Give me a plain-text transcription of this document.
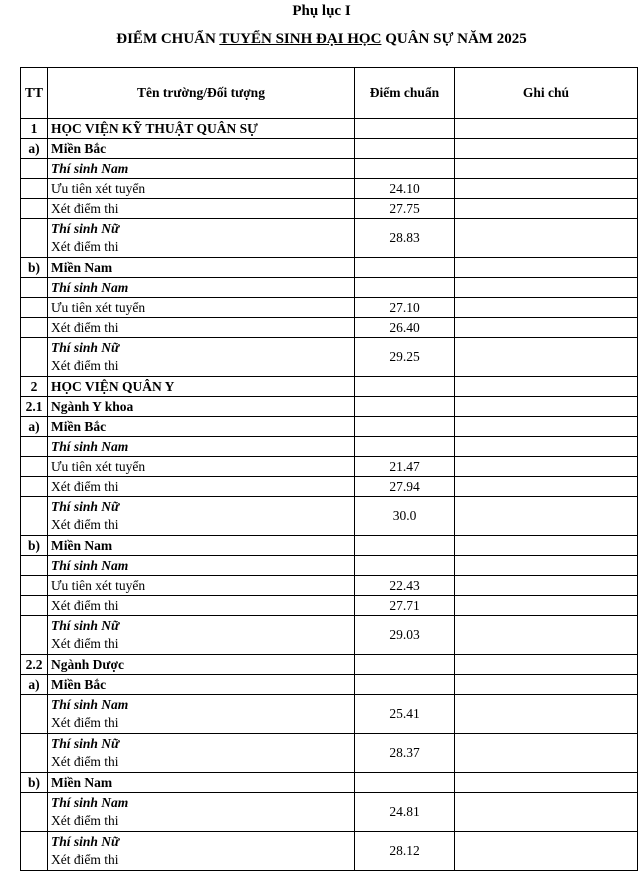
Phụ lục I
ĐIỂM CHUẨN TUYỂN SINH ĐẠI HỌC QUÂN SỰ NĂM 2025
TT	Tên trường/Đối tượng	Điểm chuẩn	Ghi chú
1	HỌC VIỆN KỸ THUẬT QUÂN SỰ		

a)	Miền Bắc		

	Thí sinh Nam		

	Ưu tiên xét tuyển	24.10	

	Xét điểm thi	27.75	

	Thí sinh Nữ
Xét điểm thi	28.83	
b)	Miền Nam		

	Thí sinh Nam		

	Ưu tiên xét tuyển	27.10	

	Xét điểm thi	26.40	

	Thí sinh Nữ
Xét điểm thi	29.25	
2	HỌC VIỆN QUÂN Y		

2.1	Ngành Y khoa		

a)	Miền Bắc		

	Thí sinh Nam		

	Ưu tiên xét tuyển	21.47	

	Xét điểm thi	27.94	

	Thí sinh Nữ
Xét điểm thi	30.0	
b)	Miền Nam		

	Thí sinh Nam		

	Ưu tiên xét tuyển	22.43	

	Xét điểm thi	27.71	

	Thí sinh Nữ
Xét điểm thi	29.03	
2.2	Ngành Dược		

a)	Miền Bắc		

	Thí sinh Nam
Xét điểm thi	25.41	

	Thí sinh Nữ
Xét điểm thi	28.37	
b)	Miền Nam		

	Thí sinh Nam
Xét điểm thi	24.81	

	Thí sinh Nữ
Xét điểm thi	28.12	
